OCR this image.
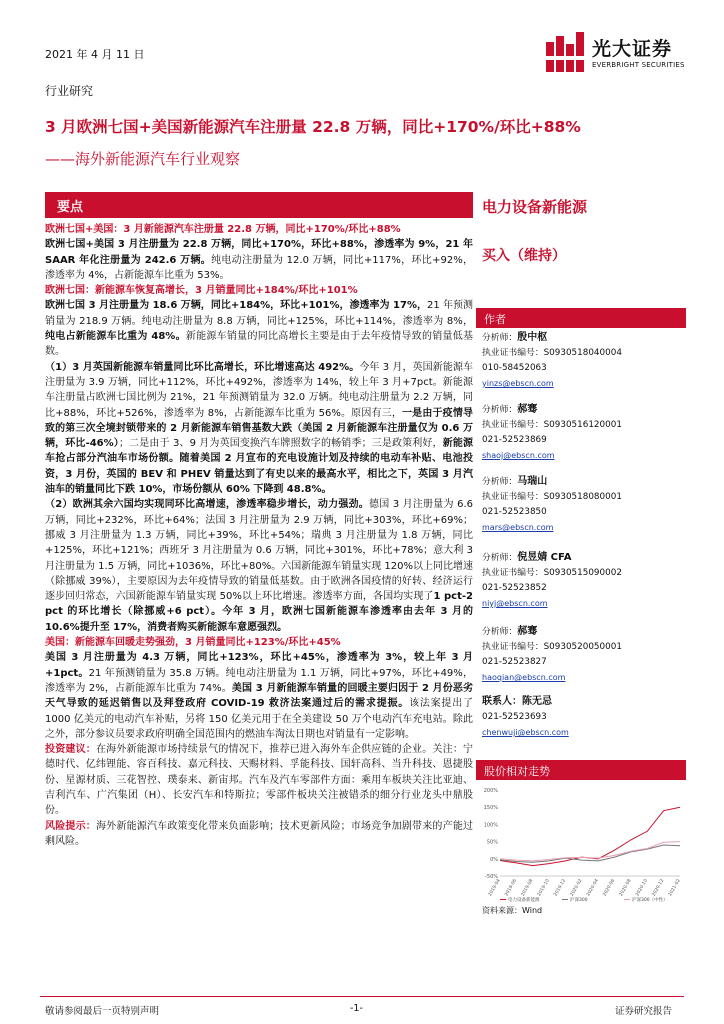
2021 年 4 月 11 日	光大证券
EVERBRIGHT SECURITIES
行业研究
3 月欧洲七国+美国新能源汽车注册量 22.8 万辆，同比+170%/环比+88%
——海外新能源汽车行业观察
要点

欧洲七国+美国：3 月新能源汽车注册量 22.8 万辆，同比+170%/环比+88%

欧洲七国+美国 3 月注册量为 22.8 万辆，同比+170%，环比+88%，渗透率为 9%，21 年 SAAR 年化注册量为 242.6 万辆。纯电动注册量为 12.0 万辆，同比+117%，环比+92%，渗透率为 4%，占新能源车比重为 53%。

欧洲七国：新能源车恢复高增长，3 月销量同比+184%/环比+101%

欧洲七国 3 月注册量为 18.6 万辆，同比+184%，环比+101%，渗透率为 17%，21 年预测销量为 218.9 万辆。纯电动注册量为 8.8 万辆，同比+125%，环比+114%，渗透率为 8%，纯电占新能源车比重为 48%。新能源车销量的同比高增长主要是由于去年疫情导致的销量低基数。

（1）3 月英国新能源车销量同比环比高增长，环比增速高达 492%。今年 3 月，英国新能源车注册量为 3.9 万辆，同比+112%，环比+492%，渗透率为 14%，较上年 3 月+7pct。新能源车注册量占欧洲七国比例为 21%，21 年预测销量为 32.0 万辆。纯电动注册量为 2.2 万辆，同比+88%，环比+526%，渗透率为 8%，占新能源车比重为 56%。原因有三，一是由于疫情导致的第三次全境封锁带来的 2 月新能源车销售基数大跌（美国 2 月新能源车注册量仅为 0.6 万辆，环比-46%）；二是由于 3、9 月为英国变换汽车牌照数字的畅销季；三是政策利好，新能源车抢占部分汽油车市场份额。随着美国 2 月宣布的充电设施计划及持续的电动车补贴、电池投资，3 月份，英国的 BEV 和 PHEV 销量达到了有史以来的最高水平，相比之下，英国 3 月汽油车的销量同比下跌 10%，市场份额从 60% 下降到 48.8%。

（2）欧洲其余六国均实现同环比高增速，渗透率稳步增长，动力强劲。德国 3 月注册量为 6.6 万辆，同比+232%，环比+64%；法国 3 月注册量为 2.9 万辆，同比+303%，环比+69%；挪威 3 月注册量为 1.3 万辆，同比+39%，环比+54%；瑞典 3 月注册量为 1.8 万辆，同比+125%，环比+121%；西班牙 3 月注册量为 0.6 万辆，同比+301%，环比+78%；意大利 3 月注册量为 1.5 万辆，同比+1036%，环比+80%。六国新能源车销量实现 120%以上同比增速（除挪威 39%），主要原因为去年疫情导致的销量低基数。由于欧洲各国疫情的好转、经济运行逐步回归常态，六国新能源车销量实现 50%以上环比增速。渗透率方面，各国均实现了1 pct-2 pct 的环比增长（除挪威+6 pct）。今年 3 月，欧洲七国新能源车渗透率由去年 3 月的 10.6%提升至 17%，消费者购买新能源车意愿强烈。

美国：新能源车回暖走势强劲，3 月销量同比+123%/环比+45%

美国 3 月注册量为 4.3 万辆，同比+123%，环比+45%，渗透率为 3%，较上年 3 月+1pct。21 年预测销量为 35.8 万辆。纯电动注册量为 1.1 万辆，同比+97%，环比+49%，渗透率为 2%，占新能源车比重为 74%。美国 3 月新能源车销量的回暖主要归因于 2 月份恶劣天气导致的延迟销售以及拜登政府 COVID-19 救济法案通过后的需求提振。该法案提出了 1000 亿美元的电动汽车补贴，另将 150 亿美元用于在全美建设 50 万个电动汽车充电站。除此之外，部分参议员要求政府明确全国范围内的燃油车淘汰日期也对销量有一定影响。

投资建议：在海外新能源市场持续景气的情况下，推荐已进入海外车企供应链的企业。关注：宁德时代、亿纬锂能、容百科技、嘉元科技、天赐材料、孚能科技、国轩高科、当升科技、恩捷股份、星源材质、三花智控、璞泰来、新宙邦。汽车及汽车零部件方面：乘用车板块关注比亚迪、吉利汽车、广汽集团（H）、长安汽车和特斯拉；零部件板块关注被错杀的细分行业龙头中鼎股份。

风险提示：海外新能源汽车政策变化带来负面影响；技术更新风险；市场竞争加剧带来的产能过剩风险。

电力设备新能源
买入（维持）
作者
分析师：殷中枢
执业证书编号：S0930518040004
010-58452063
yinzs@ebscn.com
分析师：郝骞
执业证书编号：S0930516120001
021-52523869
shaoj@ebscn.com
分析师：马瑞山
执业证书编号：S0930518080001
021-52523850
mars@ebscn.com
分析师：倪昱婧 CFA
执业证书编号：S0930515090002
021-52523852
niyj@ebscn.com
分析师：郝骞
执业证书编号：S0930520050001
021-52523827
haoqian@ebscn.com
联系人：陈无忌
021-52523693
chenwuji@ebscn.com
股价相对走势
-50%
0%
50%
100%
150%
200%
2019-04 2019-06 2019-08 2019-10 2019-12 2020-02 2020-04 2020-06 2020-08 2020-10 2020-12 2021-02
电力设备新能源	沪深300	沪深300（中性）
资料来源：Wind
敬请参阅最后一页特别声明	-1-	证券研究报告
